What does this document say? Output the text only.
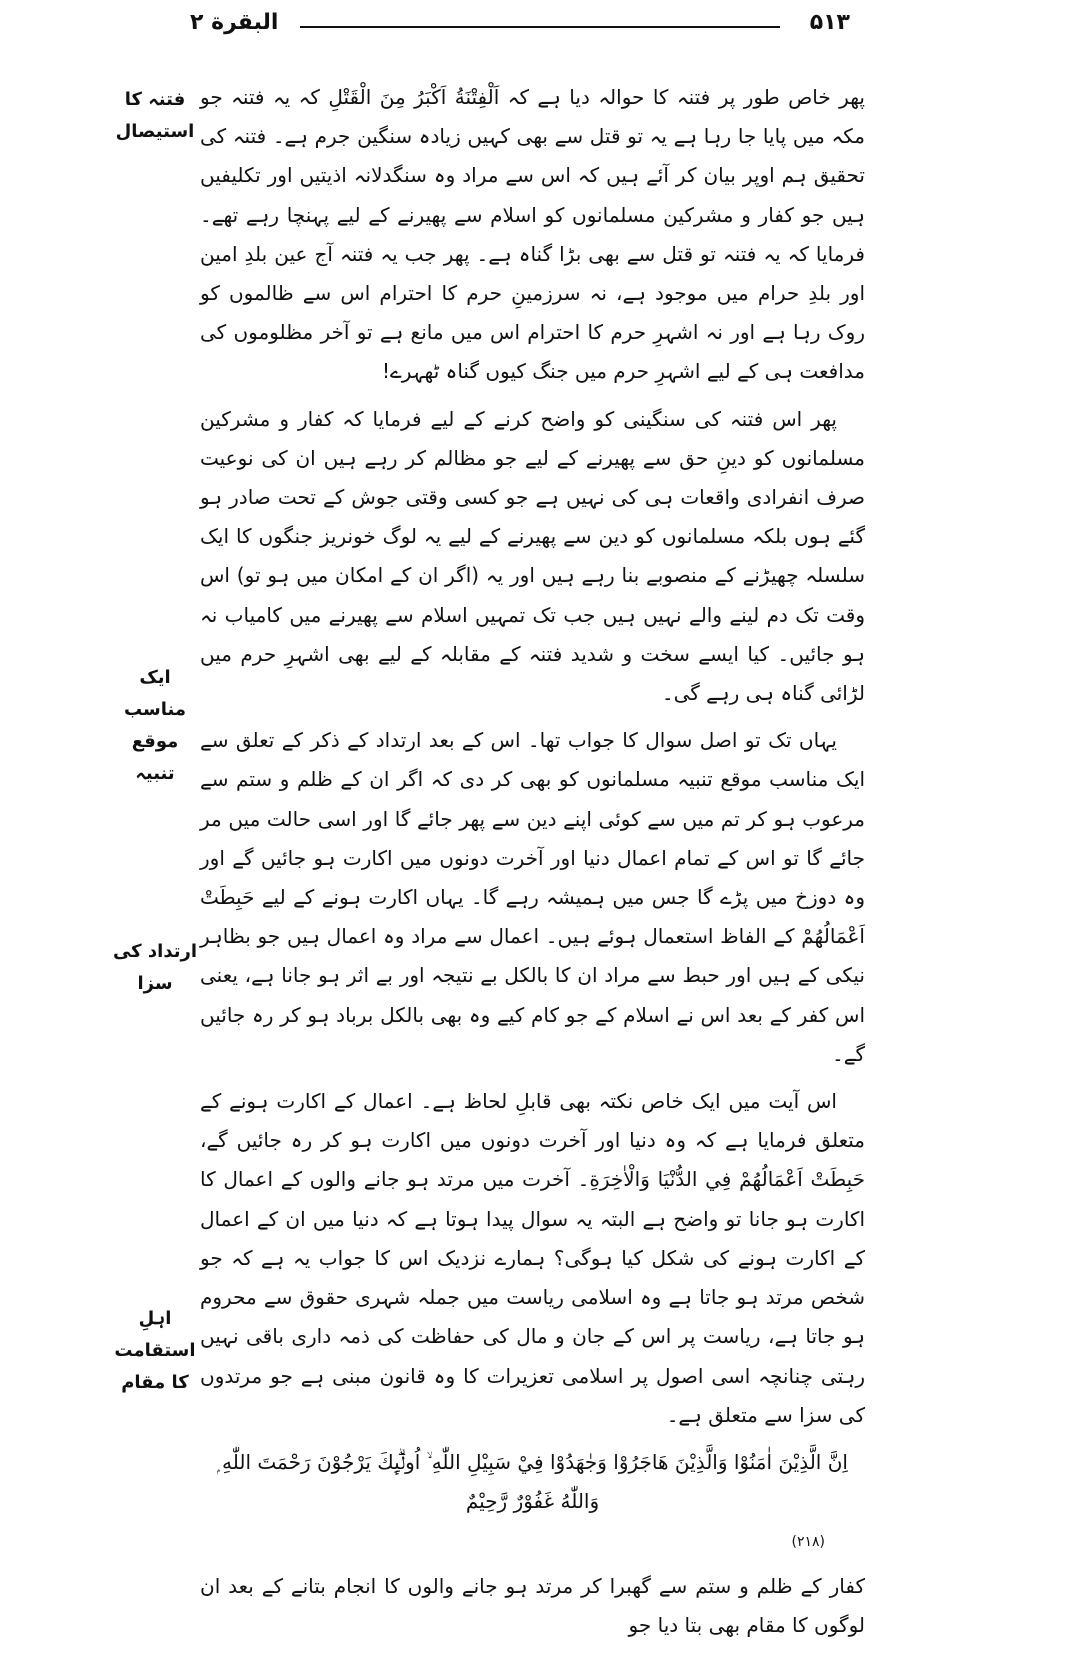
البقرة ۲	۵۱۳
فتنہ کا استیصال
ایک مناسب موقع تنبیہ
ارتداد کی سزا
اہلِ استقامت کا مقام

پھر خاص طور پر فتنہ کا حوالہ دیا ہے کہ اَلْفِتْنَةُ اَكْبَرُ مِنَ الْقَتْلِ کہ یہ فتنہ جو مکہ میں پایا جا رہا ہے یہ تو قتل سے بھی کہیں زیادہ سنگین جرم ہے۔ فتنہ کی تحقیق ہم اوپر بیان کر آئے ہیں کہ اس سے مراد وہ سنگدلانہ اذیتیں اور تکلیفیں ہیں جو کفار و مشرکین مسلمانوں کو اسلام سے پھیرنے کے لیے پہنچا رہے تھے۔ فرمایا کہ یہ فتنہ تو قتل سے بھی بڑا گناہ ہے۔ پھر جب یہ فتنہ آج عین بلدِ امین اور بلدِ حرام میں موجود ہے، نہ سرزمینِ حرم کا احترام اس سے ظالموں کو روک رہا ہے اور نہ اشہرِ حرم کا احترام اس میں مانع ہے تو آخر مظلوموں کی مدافعت ہی کے لیے اشہرِ حرم میں جنگ کیوں گناہ ٹھہرے!

پھر اس فتنہ کی سنگینی کو واضح کرنے کے لیے فرمایا کہ کفار و مشرکین مسلمانوں کو دینِ حق سے پھیرنے کے لیے جو مظالم کر رہے ہیں ان کی نوعیت صرف انفرادی واقعات ہی کی نہیں ہے جو کسی وقتی جوش کے تحت صادر ہو گئے ہوں بلکہ مسلمانوں کو دین سے پھیرنے کے لیے یہ لوگ خونریز جنگوں کا ایک سلسلہ چھیڑنے کے منصوبے بنا رہے ہیں اور یہ (اگر ان کے امکان میں ہو تو) اس وقت تک دم لینے والے نہیں ہیں جب تک تمہیں اسلام سے پھیرنے میں کامیاب نہ ہو جائیں۔ کیا ایسے سخت و شدید فتنہ کے مقابلہ کے لیے بھی اشہرِ حرم میں لڑائی گناہ ہی رہے گی۔

یہاں تک تو اصل سوال کا جواب تھا۔ اس کے بعد ارتداد کے ذکر کے تعلق سے ایک مناسب موقع تنبیہ مسلمانوں کو بھی کر دی کہ اگر ان کے ظلم و ستم سے مرعوب ہو کر تم میں سے کوئی اپنے دین سے پھر جائے گا اور اسی حالت میں مر جائے گا تو اس کے تمام اعمال دنیا اور آخرت دونوں میں اکارت ہو جائیں گے اور وہ دوزخ میں پڑے گا جس میں ہمیشہ رہے گا۔ یہاں اکارت ہونے کے لیے حَبِطَتْ اَعْمَالُهُمْ کے الفاظ استعمال ہوئے ہیں۔ اعمال سے مراد وہ اعمال ہیں جو بظاہر نیکی کے ہیں اور حبط سے مراد ان کا بالکل بے نتیجہ اور بے اثر ہو جانا ہے، یعنی اس کفر کے بعد اس نے اسلام کے جو کام کیے وہ بھی بالکل برباد ہو کر رہ جائیں گے۔

اس آیت میں ایک خاص نکتہ بھی قابلِ لحاظ ہے۔ اعمال کے اکارت ہونے کے متعلق فرمایا ہے کہ وہ دنیا اور آخرت دونوں میں اکارت ہو کر رہ جائیں گے، حَبِطَتْ اَعْمَالُهُمْ فِي الدُّنْيَا وَالْاٰخِرَةِ۔ آخرت میں مرتد ہو جانے والوں کے اعمال کا اکارت ہو جانا تو واضح ہے البتہ یہ سوال پیدا ہوتا ہے کہ دنیا میں ان کے اعمال کے اکارت ہونے کی شکل کیا ہوگی؟ ہمارے نزدیک اس کا جواب یہ ہے کہ جو شخص مرتد ہو جاتا ہے وہ اسلامی ریاست میں جملہ شہری حقوق سے محروم ہو جاتا ہے، ریاست پر اس کے جان و مال کی حفاظت کی ذمہ داری باقی نہیں رہتی چنانچہ اسی اصول پر اسلامی تعزیرات کا وہ قانون مبنی ہے جو مرتدوں کی سزا سے متعلق ہے۔

اِنَّ الَّذِيْنَ اٰمَنُوْا وَالَّذِيْنَ هَاجَرُوْا وَجٰهَدُوْا فِيْ سَبِيْلِ اللّٰهِ ۙ اُولٰۗىِٕكَ يَرْجُوْنَ رَحْمَتَ اللّٰهِ ۭ وَاللّٰهُ غَفُوْرٌ رَّحِيْمٌ

(۲۱۸)

کفار کے ظلم و ستم سے گھبرا کر مرتد ہو جانے والوں کا انجام بتانے کے بعد ان لوگوں کا مقام بھی بتا دیا جو
